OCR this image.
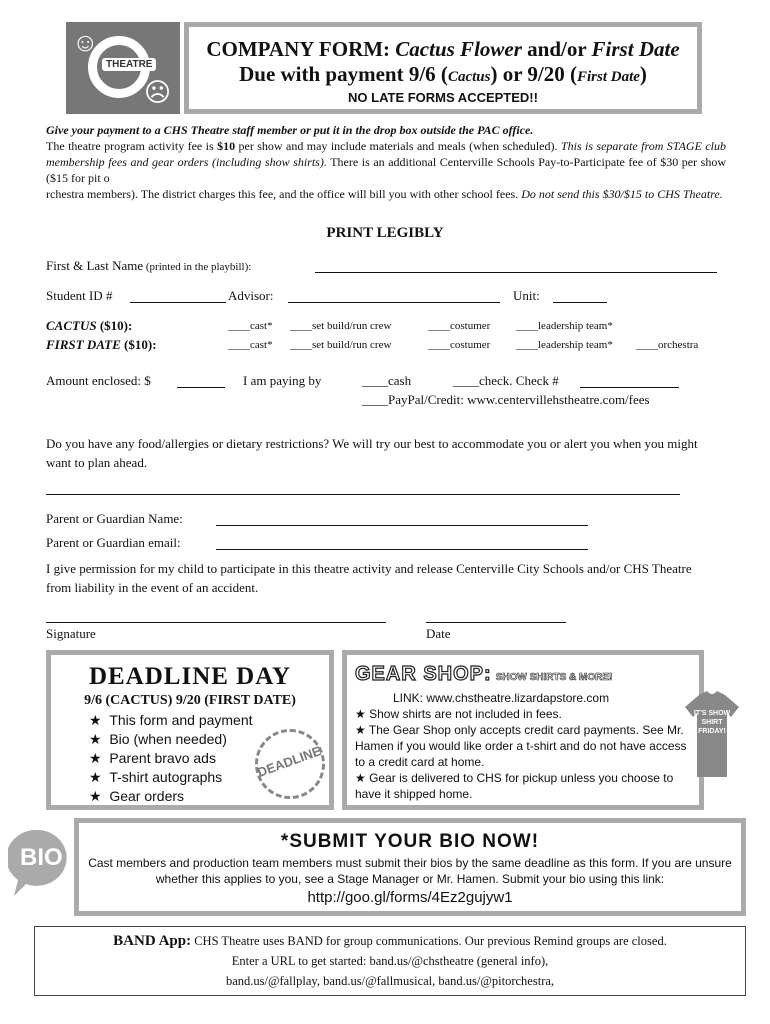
☺
THEATRE
☹
COMPANY FORM: Cactus Flower and/or First Date
Due with payment 9/6 (Cactus) or 9/20 (First Date)
NO LATE FORMS ACCEPTED!!
Give your payment to a CHS Theatre staff member or put it in the drop box outside the PAC office.
The theatre program activity fee is $10 per show and may include materials and meals (when scheduled). This is separate from STAGE club membership fees and gear orders (including show shirts). There is an additional Centerville Schools Pay-to-Participate fee of $30 per show ($15 for pit o
rchestra members). The district charges this fee, and the office will bill you with other school fees. Do not send this $30/$15 to CHS Theatre.
PRINT LEGIBLY
First & Last Name (printed in the playbill):
Student ID #	Advisor:	Unit:
CACTUS ($10):	____cast* ____set build/run crew	____costumer ____leadership team*
FIRST DATE ($10):	____cast* ____set build/run crew	____costumer ____leadership team* ____orchestra
Amount enclosed: $	I am paying by	____cash	____check. Check #
____PayPal/Credit: www.centervillehstheatre.com/fees
Do you have any food/allergies or dietary restrictions? We will try our best to accommodate you or alert you when you might want to plan ahead.
Parent or Guardian Name:
Parent or Guardian email:
I give permission for my child to participate in this theatre activity and release Centerville City Schools and/or CHS Theatre from liability in the event of an accident.
Signature	Date
DEADLINE DAY
9/6 (CACTUS) 9/20 (FIRST DATE)
★  This form and payment
★  Bio (when needed)
★  Parent bravo ads
★  T-shirt autographs
★  Gear orders
DEADLINE
GEAR SHOP: SHOW SHIRTS & MORE!
LINK: www.chstheatre.lizardapstore.com
★ Show shirts are not included in fees.
★ The Gear Shop only accepts credit card payments. See Mr. Hamen if you would like order a t-shirt and do not have access to a credit card at home.
★ Gear is delivered to CHS for pickup unless you choose to have it shipped home.
IT'S SHOW SHIRT FRIDAY!
BIO
*SUBMIT YOUR BIO NOW!
Cast members and production team members must submit their bios by the same deadline as this form. If you are unsure whether this applies to you, see a Stage Manager or Mr. Hamen. Submit your bio using this link:
http://goo.gl/forms/4Ez2gujyw1
BAND App: CHS Theatre uses BAND for group communications. Our previous Remind groups are closed.
Enter a URL to get started: band.us/@chstheatre (general info),
band.us/@fallplay, band.us/@fallmusical, band.us/@pitorchestra,
